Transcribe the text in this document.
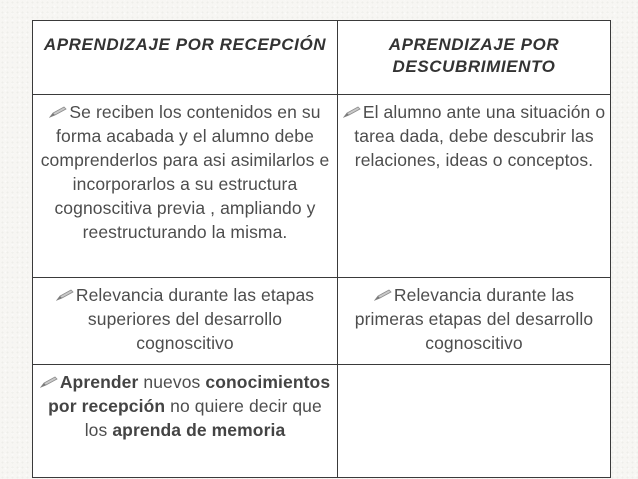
APRENDIZAJE POR RECEPCIÓN	APRENDIZAJE POR DESCUBRIMIENTO
Se reciben los contenidos en su forma acabada y el alumno debe comprenderlos para asi asimilarlos e incorporarlos a su estructura cognoscitiva previa , ampliando y reestructurando la misma.	El alumno ante una situación o tarea dada, debe descubrir las relaciones, ideas o conceptos.
Relevancia durante las etapas superiores del desarrollo cognoscitivo	Relevancia durante las primeras etapas del desarrollo cognoscitivo
Aprender nuevos conocimientos por recepción no quiere decir que los aprenda de memoria	
